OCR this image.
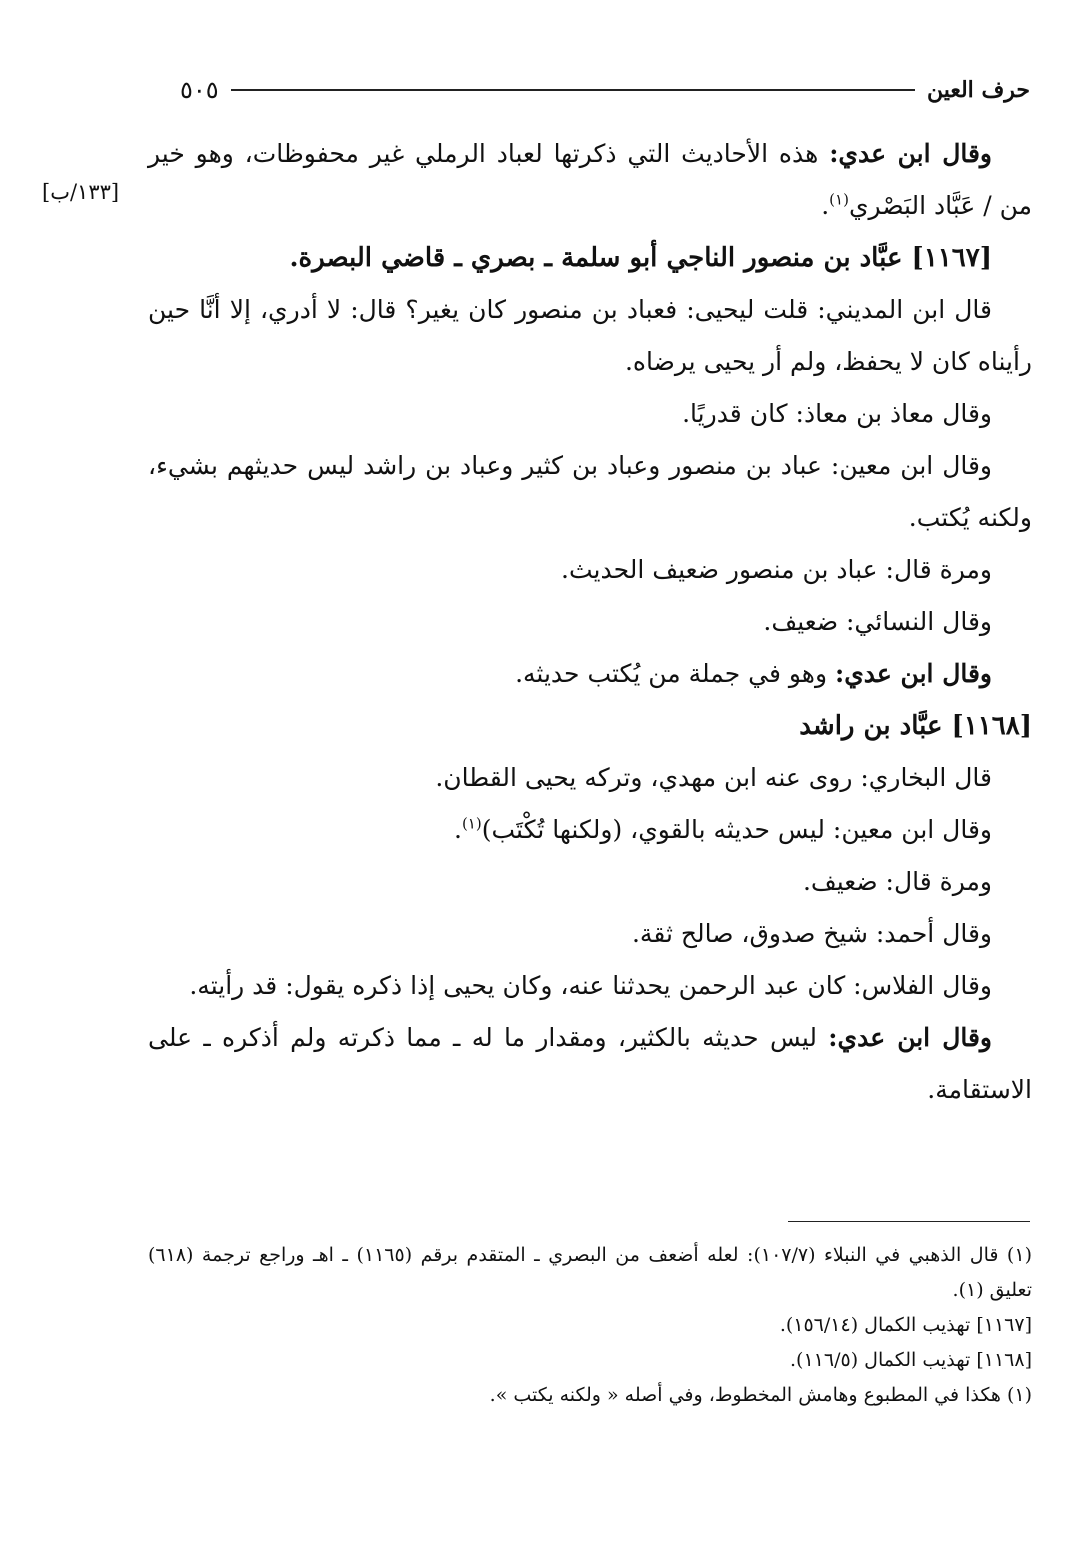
حرف العين
٥٠٥
[١٣٣/ب]

وقال ابن عدي: هذه الأحاديث التي ذكرتها لعباد الرملي غير محفوظات، وهو خير من / عَبَّاد البَصْري$^{(١)}$.

[١١٦٧] عبَّاد بن منصور الناجي أبو سلمة ـ بصري ـ قاضي البصرة.

قال ابن المديني: قلت ليحيى: فعباد بن منصور كان يغير؟ قال: لا أدري، إلا أنَّا حين رأيناه كان لا يحفظ، ولم أر يحيى يرضاه.

وقال معاذ بن معاذ: كان قدريًا.

وقال ابن معين: عباد بن منصور وعباد بن كثير وعباد بن راشد ليس حديثهم بشيء، ولكنه يُكتب.

ومرة قال: عباد بن منصور ضعيف الحديث.

وقال النسائي: ضعيف.

وقال ابن عدي: وهو في جملة من يُكتب حديثه.

[١١٦٨] عبَّاد بن راشد

قال البخاري: روى عنه ابن مهدي، وتركه يحيى القطان.

وقال ابن معين: ليس حديثه بالقوي، (ولكنها تُكْتَب)$^{(١)}$.

ومرة قال: ضعيف.

وقال أحمد: شيخ صدوق، صالح ثقة.

وقال الفلاس: كان عبد الرحمن يحدثنا عنه، وكان يحيى إذا ذكره يقول: قد رأيته.

وقال ابن عدي: ليس حديثه بالكثير، ومقدار ما له ـ مما ذكرته ولم أذكره ـ على الاستقامة.

(١) قال الذهبي في النبلاء (١٠٧/٧): لعله أضعف من البصري ـ المتقدم برقم (١١٦٥) ـ اهـ وراجع ترجمة (٦١٨) تعليق (١).

[١١٦٧] تهذيب الكمال (١٥٦/١٤).

[١١٦٨] تهذيب الكمال (١١٦/٥).

(١) هكذا في المطبوع وهامش المخطوط، وفي أصله « ولكنه يكتب ».
